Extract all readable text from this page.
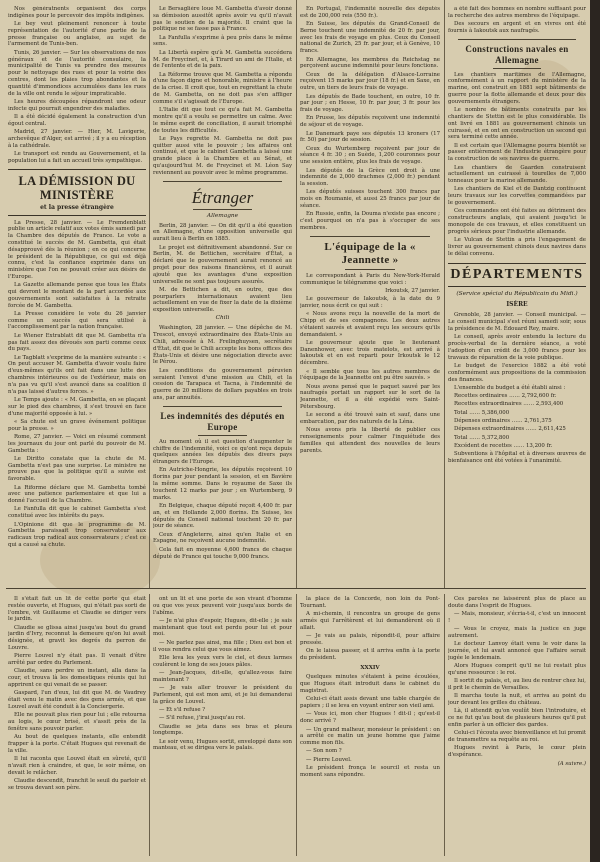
Nos génératnents organisent des corps indigènes pour le percevoir des impôts indigènes.

Le bey veut pleinement renoncer à toute représentation de l'autorité d'une partie de la presse française ou anglaise, au sujet de l'armement de Tunis-ben.

Tunis, 26 janvier. — Sur les observations de nos généraux et de l'autorité consulaire, la municipalité de Tunis va prendre des mesures pour le nettoyage des rues et pour la voirie des centres, dont les plaies trop abondantes et la quantité d'immondices accumulées dans les rues de la ville ont rendu le séjour impraticable.

Les heures découpées répandront une odeur infecte qui pourrait engendrer des maladies.

Il a été décidé également la construction d'un égout central.

Madrid, 27 janvier. — Hier, M. Lavigerie, archevêque d'Alger, est arrivé ; il y a eu réception à la cathédrale.

Le transport est rendu au Gouvernement, et la population lui a fait un accueil très sympathique.

LA DÉMISSION DU MINISTÈRE
et la presse étrangère

La Presse, 28 janvier. — Le Fremdenblatt publie un article relatif aux votes émis samedi par la Chambre des députés de France. Le vote a constitué le succès de M. Gambetta, qui était désapprouvé dès la réunion ; en ce qui concerne le président de la République, ce qui est déjà connu, c'est la confiance exprimée dans un ministère que l'on ne pouvait créer aux désirs de l'Europe.

La Gazette allemande pense que tous les États qui devront le montant de la part accordée aux gouvernements sont satisfaites à la retraite forcée de M. Gambetta.

La Presse considère le vote du 26 janvier comme un succès qui sera utilisé à l'accomplissement par la nation française.

Le Wiener Extrablatt dit que M. Gambetta n'a pas fait assez des dévoués son parti comme ceux du pays.

Le Tagblatt s'exprime de la manière suivante : « On peut accuser M. Gambetta d'avoir voulu faire d'eux-mêmes qu'ils ont fait dans une lutte des chambres intérieures ou de l'extérieur, mais on n'a pas vu qu'il s'est avancé dans sa coalition il n'a pas laissé d'autres forces. »

Le Temps ajoute : « M. Gambetta, en se plaçant sur le pied des chambres, il s'est trouvé en face d'une majorité opposée à lui. »

« Sa chute est un grave événement politique pour la presse. »

Rome, 27 janvier. — Voici en résumé comment les journaux du jour ont parlé du pouvoir de M. Gambetta :

Le Diritto constate que la chute de M. Gambetta n'est pas une surprise. Le ministre ne prouve pas que la politique qu'il a suivie est favorable.

La Riforme déclare que M. Gambetta tombé avec une patience parlementaire et que lui a donné l'accueil de la Chambre.

Le Fanfulla dit que le cabinet Gambetta s'est constitué avec les intérêts du pays.

L'Opinione dit que le programme de M. Gambetta paraissait trop conservateur aux radicaux trop radical aux conservateurs ; c'est ce qui a causé sa chute.

Le Bersaglière loue M. Gambetta d'avoir donné sa démission aussitôt après avoir vu qu'il n'avait pas le soutien de la majorité. Il craint que la politique ne se fasse pas à France.

La Fanfulla s'exprime à peu près dans le même sens.

La Libertà espère qu'à M. Gambetta succédera M. de Freycinet, et, à Tirard un ami de l'Italie, et de l'entente et de la paix.

La Réforme trouve que M. Gambetta a répondu d'une façon digne et honorable, ministre à l'heure de la crise. Il croit que, tout en regrettant la chute de M. Gambetta, on ne doit pas s'en affliger comme s'il s'agissait de l'Europe.

L'Italie dit que tout ce qu'a fait M. Gambetta montre qu'il a voulu se permettre un calme. Avec le même esprit de conciliation, il aurait triomphé de toutes les difficultés.

Le Pays regrette M. Gambetta ne doit pas quitter aussi vite le pouvoir ; les affaires ont continué, et que le cabinet Gambetta a laissé une grande place à la Chambre et au Sénat, et qu'aujourd'hui M. de Freycinet et M. Léon Say reviennent au pouvoir avec le même programme.

Étranger
Allemagne

Berlin, 28 janvier. — On dit qu'il a été question en Allemagne, d'une opposition universelle qui aurait lieu à Berlin en 1885.

Le projet est définitivement abandonné. Sur ce Berlin, M. de Bettichen, secrétaire d'État, a déclaré que le gouvernement aurait renoncé au projet pour des raisons financières, et il aurait ajouté que les avantages d'une exposition universelle ne sont pas toujours assurés.

M. de Bettichen a dit, en outre, que des pourparlers internationaux avaient lieu actuellement en vue de fixer la date de la dixième exposition universelle.

Chili

Washington, 28 janvier. — Une dépêche de M. Trescot, envoyé extraordinaire des États-Unis au Chili, adressée à M. Frelinghuysen, secrétaire d'État, dit que le Chili accepte les bons offices des États-Unis et désire une négociation directe avec le Pérou.

Les conditions du gouvernement péruvien seraient l'envoi d'une mission au Chili, et la cession de Tarapaca et Tacna, à l'indemnité de guerre de 20 millions de dollars payables en trois ans, par annuités.

Les indemnités des députés en Europe

Au moment où il est question d'augmenter le chiffre de l'indemnité, voici ce qu'ont reçu depuis quelques années les députés des divers pays étrangers de l'Europe.

En Autriche-Hongrie, les députés reçoivent 10 florins par jour pendant la session, et en Bavière la même somme. Dans le royaume de Saxe ils touchent 12 marks par jour ; en Wurtemberg, 9 marks.

En Belgique, chaque député reçoit 4,400 fr. par an, et en Hollande 2,000 florins. En Suisse, les députés du Conseil national touchent 20 fr. par jour de séance.

Ceux d'Angleterre, ainsi qu'en Italie et en Espagne, ne reçoivent aucune indemnité.

Cela fait en moyenne 4,600 francs de chaque député de France qui touche 9,000 francs.

En Portugal, l'indemnité nouvelle des députés est de 200,000 reis (550 fr.).

En Suisse, les députés du Grand-Conseil de Berne touchent une indemnité de 20 fr. par jour, avec les frais de voyage en plus. Ceux du Conseil national de Zurich, 25 fr. par jour, et à Genève, 10 francs.

En Allemagne, les membres du Reichstag ne perçoivent aucune indemnité pour leurs fonctions.

Ceux de la délégation d'Alsace-Lorraine reçoivent 15 marks par jour (18 fr.) et en Saxe, en outre, un tiers de leurs frais de voyage.

Les députés de Bade touchent, en outre, 10 fr. par jour ; en Hesse, 10 fr. par jour, 3 fr. pour les frais de voyage.

En Prusse, les députés reçoivent une indemnité de séjour et de voyage.

Le Danemark paye ses députés 13 kroners (17 fr. 50) par jour de session.

Ceux du Wurtemberg reçoivent par jour de séance 4 fr. 30 ; en Suède, 1,200 couronnes pour une session entière, plus les frais de voyage.

Les députés de la Grèce ont droit à une indemnité de 2,000 drachmes (2,000 fr.) pendant la session.

Les députés suisses touchent 300 francs par mois en Roumanie, et aussi 25 francs par jour de séance.

En Russie, enfin, la Douma n'existe pas encore ; c'est pourquoi on n'a pas à s'occuper de ses membres.

L'équipage de la « Jeannette »

Le correspondant à Paris du New-York-Herald communique le télégramme que voici :

Irkoutsk, 27 janvier.

Le gouverneur de Iakoutsk, à la date du 9 janvier, nous écrit ce qui suit :

« Nous avons reçu la nouvelle de la mort de Chipp et de ses compagnons. Les deux autres s'étaient sauvés et avaient reçu les secours qu'ils demandaient. »

Le gouverneur ajoute que le lieutenant Danenhower, avec trois matelots, est arrivé à Iakoutsk et en est reparti pour Irkoutsk le 12 décembre.

« Il semble que tous les autres membres de l'équipage de la Jeannette ont pu être sauvés. »

Nous avons pensé que le paquet sauvé par les naufragés portait un rapport sur le sort de la Jeannette, et il a été expédié vers Saint-Pétersbourg.

Le second a été trouvé sain et sauf, dans une embarcation, par des naturels de la Léna.

Nous avons pris la liberté de publier ces renseignements pour calmer l'inquiétude des familles qui attendent des nouvelles de leurs parents.

a été fait des hommes en nombre suffisant pour la recherche des autres membres de l'équipage.

Des secours en argent et en vivres ont été fournis à Iakoutsk aux naufragés.

Constructions navales en Allemagne

Les chantiers maritimes de l'Allemagne, conformément à un rapport du ministère de la marine, ont construit en 1881 sept bâtiments de guerre pour la flotte allemande et deux pour des gouvernements étrangers.

Le nombre de bâtiments construits par les chantiers de Stettin est le plus considérable. Ils ont livré en 1881 au gouvernement chinois un cuirassé, et en ont en construction un second qui sera terminé cette année.

Il est certain que l'Allemagne pourra bientôt se passer entièrement de l'industrie étrangère pour la construction de ses navires de guerre.

Les chantiers de Gaarden construisent actuellement un cuirassé à tourelles de 7,000 tonneaux pour la marine allemande.

Les chantiers de Kiel et de Dantzig continuent leurs travaux sur les corvettes commandées par le gouvernement.

Ces commandes ont été faites au détriment des constructeurs anglais, qui avaient jusqu'ici le monopole de ces travaux, et elles constituent un progrès sérieux pour l'industrie allemande.

Le Vulcan de Stettin a pris l'engagement de livrer au gouvernement chinois deux navires dans le délai convenu.

DÉPARTEMENTS
(Service spécial du Républicain du Midi.)
ISÈRE

Grenoble, 28 janvier. — Conseil municipal. — Le conseil municipal s'est réuni samedi soir, sous la présidence de M. Édouard Rey, maire.

Le conseil, après avoir entendu la lecture du procès-verbal de la dernière séance, a voté l'adoption d'un crédit de 3,000 francs pour les travaux de réparation de la voie publique.

Le budget de l'exercice 1882 a été voté conformément aux propositions de la commission des finances.

L'ensemble du budget a été établi ainsi :

Recettes ordinaires …… 2,792,600 fr.

Recettes extraordinaires …… 2,593,400

Total …… 5,386,000

Dépenses ordinaires …… 2,761,375

Dépenses extraordinaires …… 2,611,425

Total …… 5,372,800

Excédent de recettes …… 13,200 fr.

Subventions à l'hôpital et à diverses œuvres de bienfaisance ont été votées à l'unanimité.

Il s'était fait un lit de cette porte qui était restée ouverte, et Hugues, qui n'était pas sorti de l'ombre, vit Guillaume et Claudie se diriger vers le jardin.

Claudie se glissa ainsi jusqu'au bout du grand jardin d'Ivry, reconnut la demeure qu'on lui avait désignée, et gravit les degrés du perron de Louvre.

Pierre Louvel n'y était pas. Il venait d'être arrêté par ordre du Parlement.

Claudie, sans perdre un instant, alla dans la cour, et trouva là les domestiques réunis qui lui apprirent ce qui venait de se passer.

Gaspard, l'un d'eux, lui dit que M. de Vaudrey était venu le matin avec des gens armés, et que Louvel avait été conduit à la Conciergerie.

Elle ne pouvait plus rien pour lui ; elle retourna au logis, le cœur brisé, et s'assit près de la fenêtre sans pouvoir parler.

Au bout de quelques instants, elle entendit frapper à la porte. C'était Hugues qui revenait de la ville.

Il lui raconta que Louvel était en sûreté, qu'il n'avait rien à craindre, et que, le soir même, on devait le relâcher.

Claudie descendit, franchit le seuil du parloir et se trouva devant son père.

ont un lit et une porte de son vivant d'homme ou que vos yeux peuvent voir jusqu'aux bords de l'abîme.

— Je n'ai plus d'espoir, Hugues, dit-elle ; je sais maintenant que tout est perdu pour lui et pour moi.

— Ne parlez pas ainsi, ma fille ; Dieu est bon et il vous rendra celui que vous aimez.

Elle leva les yeux vers le ciel, et deux larmes coulèrent le long de ses joues pâles.

— Jean-Jacques, dit-elle, qu'allez-vous faire maintenant ?

— Je vais aller trouver le président du Parlement, qui est mon ami, et je lui demanderai la grâce de Louvel.

— Et s'il refuse ?

— S'il refuse, j'irai jusqu'au roi.

Claudie se jeta dans ses bras et pleura longtemps.

Le soir venu, Hugues sortit, enveloppé dans son manteau, et se dirigea vers le palais.

la place de la Concorde, non loin du Pont-Tournant.

A mi-chemin, il rencontra un groupe de gens armés qui l'arrêtèrent et lui demandèrent où il allait.

— Je vais au palais, répondit-il, pour affaire pressée.

On le laissa passer, et il arriva enfin à la porte du président.

XXXIV

Quelques minutes s'étaient à peine écoulées, que Hugues était introduit dans le cabinet du magistrat.

Celui-ci était assis devant une table chargée de papiers ; il se leva en voyant entrer son vieil ami.

— Vous ici, mon cher Hugues ! dit-il ; qu'est-il donc arrivé ?

— Un grand malheur, monsieur le président : on a arrêté ce matin un jeune homme que j'aime comme mon fils.

— Son nom ?

— Pierre Louvel.

Le président fronça le sourcil et resta un moment sans répondre.

Ces paroles ne laissèrent plus de place au doute dans l'esprit de Hugues.

— Mais, monsieur, s'écria-t-il, c'est un innocent !

— Vous le croyez, mais la justice en juge autrement.

Le docteur Lanvoy était venu le voir dans la journée, et lui avait annoncé que l'affaire serait jugée le lendemain.

Alors Hugues comprit qu'il ne lui restait plus qu'une ressource : le roi.

Il sortit du palais, et, au lieu de rentrer chez lui, il prit le chemin de Versailles.

Il marcha toute la nuit, et arriva au point du jour devant les grilles du château.

Là, il attendit qu'on voulût bien l'introduire, et ce ne fut qu'au bout de plusieurs heures qu'il put enfin parler à un officier des gardes.

Celui-ci l'écouta avec bienveillance et lui promit de transmettre sa requête au roi.

Hugues revint à Paris, le cœur plein d'espérance.

(A suivre.)
